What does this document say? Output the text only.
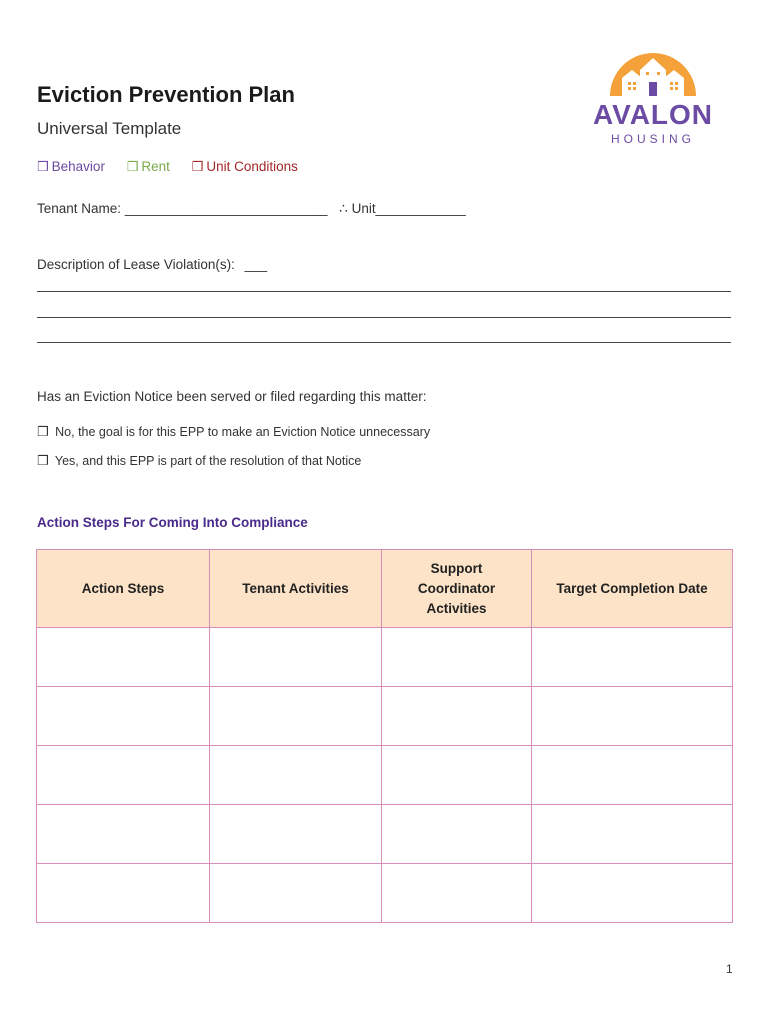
Eviction Prevention Plan
Universal Template	AVALON
HOUSING
❒ Behavior ❒ Rent ❒ Unit Conditions
Tenant Name: ___________________________ ∴ Unit____________
Description of Lease Violation(s): ___
Has an Eviction Notice been served or filed regarding this matter:
❒ No, the goal is for this EPP to make an Eviction Notice unnecessary
❒ Yes, and this EPP is part of the resolution of that Notice
Action Steps For Coming Into Compliance
Action Steps	Tenant Activities	Support Coordinator Activities	Target Completion Date

1
